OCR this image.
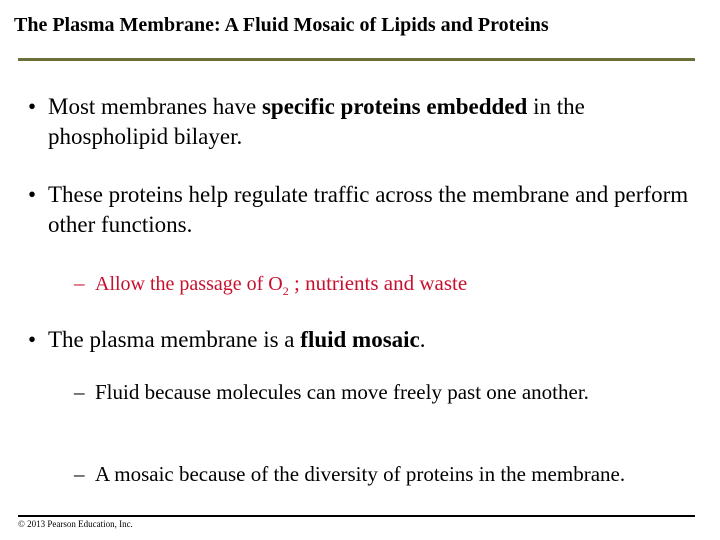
The Plasma Membrane: A Fluid Mosaic of Lipids and Proteins
• Most membranes have specific proteins embedded in the phospholipid bilayer.
• These proteins help regulate traffic across the membrane and perform other functions.
– Allow the passage of $O_2$ ; nutrients and waste
• The plasma membrane is a fluid mosaic.
– Fluid because molecules can move freely past one another.
– A mosaic because of the diversity of proteins in the membrane.
© 2013 Pearson Education, Inc.
